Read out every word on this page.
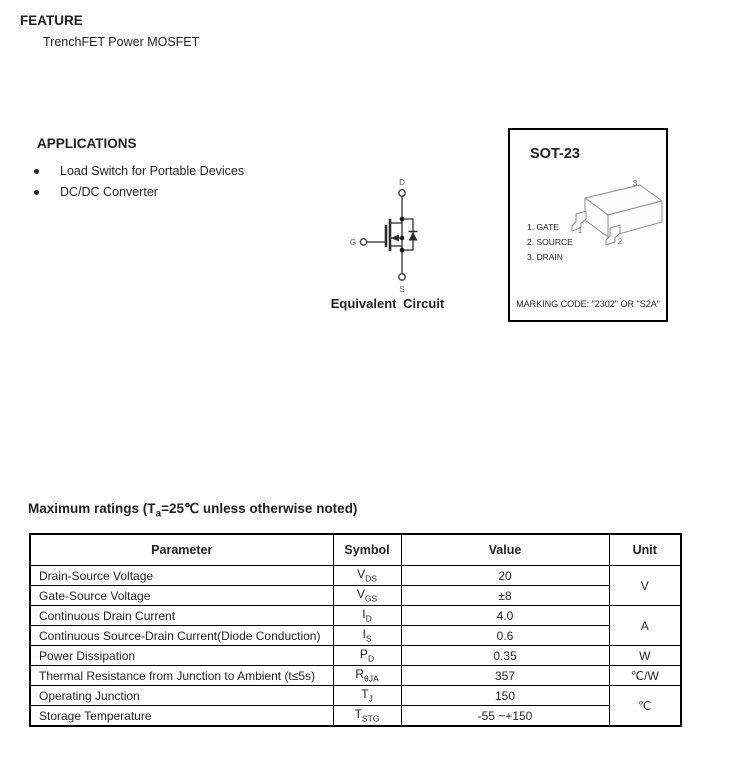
FEATURE
TrenchFET Power MOSFET
APPLICATIONS
Load Switch for Portable Devices
DC/DC Converter
D
G
S
Equivalent Circuit
SOT-23
1
2
3
1. GATE
2. SOURCE
3. DRAIN
MARKING CODE: "2302" OR "S2A"
Maximum ratings ($T_a=25℃$ unless otherwise noted)
Parameter	Symbol	Value	Unit
Drain-Source Voltage	$V_{DS}$	20	V
Gate-Source Voltage	$V_{GS}$	±8	
Continuous Drain Current	$I_D$	4.0	A
Continuous Source-Drain Current(Diode Conduction)	$I_S$	0.6	
Power Dissipation	$P_D$	0.35	W
Thermal Resistance from Junction to Ambient (t≤5s)	$R_{\theta JA}$	357	℃/W
Operating Junction	$T_J$	150	℃
Storage Temperature	$T_{STG}$	-55 ~+150	
